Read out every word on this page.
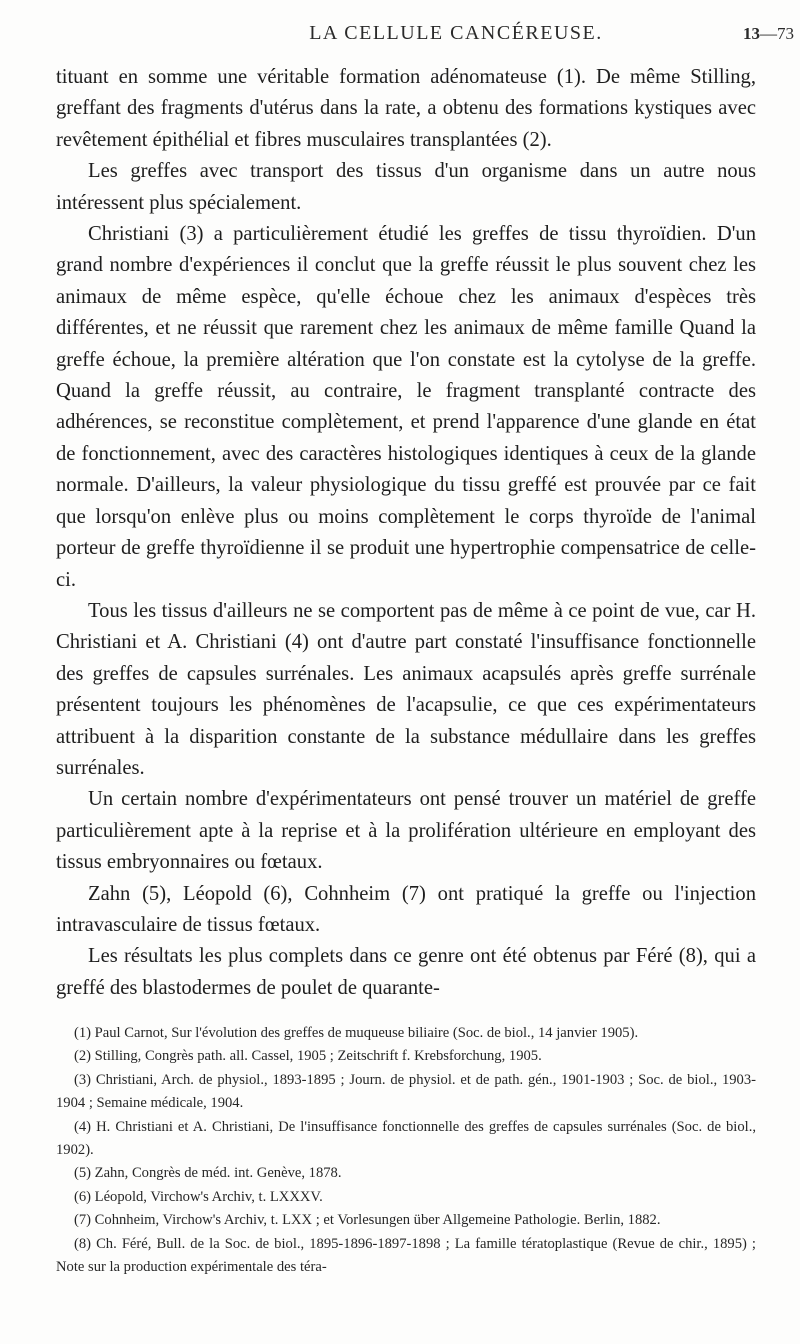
LA CELLULE CANCÉREUSE.	13—73

tituant en somme une véritable formation adénomateuse (1). De même Stilling, greffant des fragments d'utérus dans la rate, a obtenu des formations kystiques avec revêtement épithélial et fibres musculaires transplantées (2).

Les greffes avec transport des tissus d'un organisme dans un autre nous intéressent plus spécialement.

Christiani (3) a particulièrement étudié les greffes de tissu thyroïdien. D'un grand nombre d'expériences il conclut que la greffe réussit le plus souvent chez les animaux de même espèce, qu'elle échoue chez les animaux d'espèces très différentes, et ne réussit que rarement chez les animaux de même famille Quand la greffe échoue, la première altération que l'on constate est la cytolyse de la greffe. Quand la greffe réussit, au contraire, le fragment transplanté contracte des adhérences, se reconstitue complètement, et prend l'apparence d'une glande en état de fonctionnement, avec des caractères histologiques identiques à ceux de la glande normale. D'ailleurs, la valeur physiologique du tissu greffé est prouvée par ce fait que lorsqu'on enlève plus ou moins complètement le corps thyroïde de l'animal porteur de greffe thyroïdienne il se produit une hypertrophie compensatrice de celle-ci.

Tous les tissus d'ailleurs ne se comportent pas de même à ce point de vue, car H. Christiani et A. Christiani (4) ont d'autre part constaté l'insuffisance fonctionnelle des greffes de capsules surrénales. Les animaux acapsulés après greffe surrénale présentent toujours les phénomènes de l'acapsulie, ce que ces expérimentateurs attribuent à la disparition constante de la substance médullaire dans les greffes surrénales.

Un certain nombre d'expérimentateurs ont pensé trouver un matériel de greffe particulièrement apte à la reprise et à la prolifération ultérieure en employant des tissus embryonnaires ou fœtaux.

Zahn (5), Léopold (6), Cohnheim (7) ont pratiqué la greffe ou l'injection intravasculaire de tissus fœtaux.

Les résultats les plus complets dans ce genre ont été obtenus par Féré (8), qui a greffé des blastodermes de poulet de quarante-

(1) Paul Carnot, Sur l'évolution des greffes de muqueuse biliaire (Soc. de biol., 14 janvier 1905).

(2) Stilling, Congrès path. all. Cassel, 1905 ; Zeitschrift f. Krebsforchung, 1905.

(3) Christiani, Arch. de physiol., 1893-1895 ; Journ. de physiol. et de path. gén., 1901-1903 ; Soc. de biol., 1903-1904 ; Semaine médicale, 1904.

(4) H. Christiani et A. Christiani, De l'insuffisance fonctionnelle des greffes de capsules surrénales (Soc. de biol., 1902).

(5) Zahn, Congrès de méd. int. Genève, 1878.

(6) Léopold, Virchow's Archiv, t. LXXXV.

(7) Cohnheim, Virchow's Archiv, t. LXX ; et Vorlesungen über Allgemeine Pathologie. Berlin, 1882.

(8) Ch. Féré, Bull. de la Soc. de biol., 1895-1896-1897-1898 ; La famille tératoplastique (Revue de chir., 1895) ; Note sur la production expérimentale des téra-
